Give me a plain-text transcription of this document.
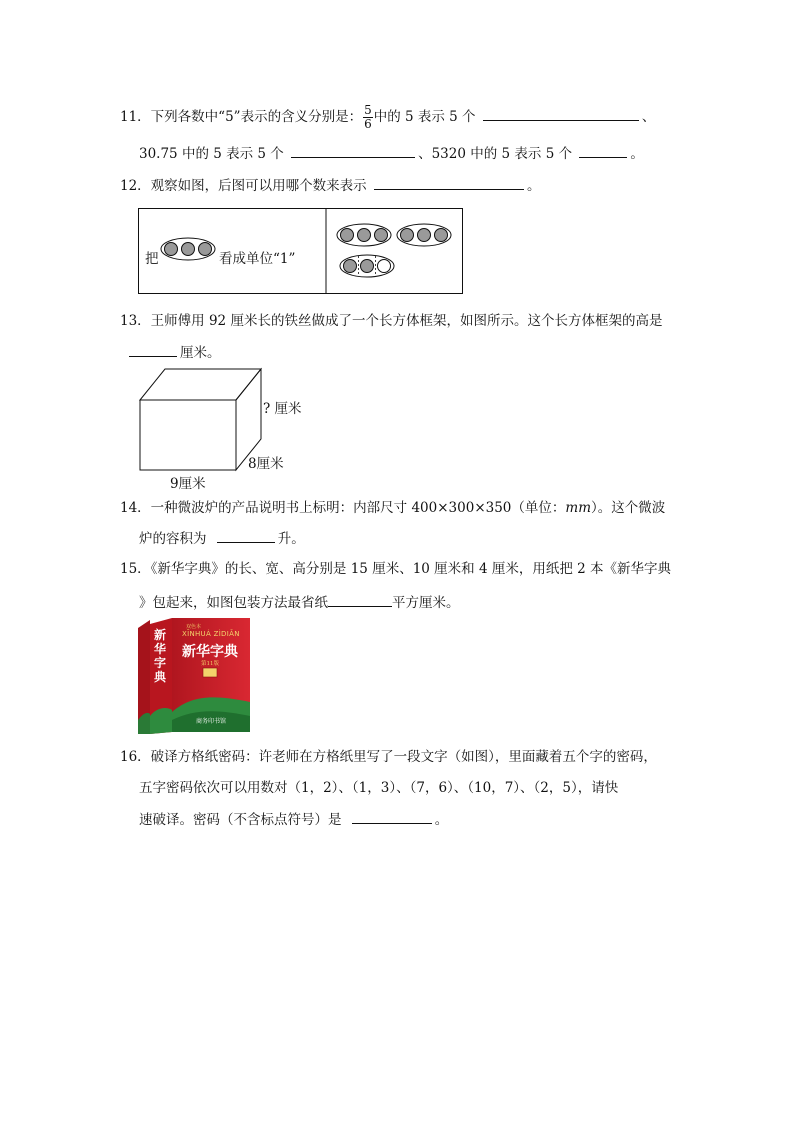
11．下列各数中“5”表示的含义分别是： $\frac{5}{6}$ 中的 5 表示 5 个	、
30.75 中的 5 表示 5 个	、5320 中的 5 表示 5 个	。
12．观察如图，后图可以用哪个数来表示	。
把	看成单位“1”
13．王师傅用 92 厘米长的铁丝做成了一个长方体框架，如图所示。这个长方体框架的高是
厘米。
? 厘米
8厘米
9厘米
14．一种微波炉的产品说明书上标明：内部尺寸 400×300×350（单位：mm）。这个微波
炉的容积为	升。
15．《新华字典》的长、宽、高分别是 15 厘米、10 厘米和 4 厘米，用纸把 2 本《新华字典
》包起来，如图包装方法最省纸	平方厘米。
双色本
XĪNHUÁ ZÌDIǍN
新华字典
第11版
商务印书馆
新华字典
16．破译方格纸密码：许老师在方格纸里写了一段文字（如图），里面藏着五个字的密码，
五字密码依次可以用数对（1，2）、（1，3）、（7，6）、（10，7）、（2，5），请快
速破译。密码（不含标点符号）是	。
